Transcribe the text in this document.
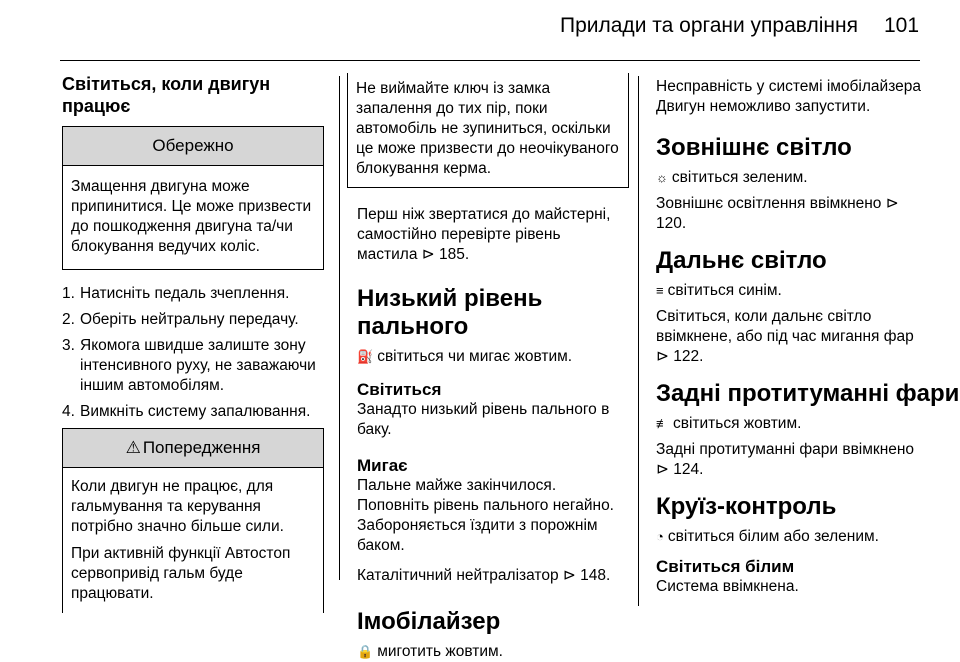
Прилади та органи управління 101
Світиться, коли двигун працює
Обережно

Змащення двигуна може припинитися. Це може призвести до пошкодження двигуна та/чи блокування ведучих коліс.

1. Натисніть педаль зчеплення.
2. Оберіть нейтральну передачу.
3. Якомога швидше залиште зону інтенсивного руху, не заважаючи іншим автомобілям.
4. Вимкніть систему запалювання.
⚠ Попередження

Коли двигун не працює, для гальмування та керування потрібно значно більше сили.

При активній функції Автостоп сервопривід гальм буде працювати.

Не виймайте ключ із замка запалення до тих пір, поки автомобіль не зупиниться, оскільки це може призвести до неочікуваного блокування керма.

Перш ніж звертатися до майстерні, самостійно перевірте рівень мастила ⊳ 185.

Низький рівень пального

⛽ світиться чи мигає жовтим.

Світиться

Занадто низький рівень пального в баку.

Мигає

Пальне майже закінчилося. Поповніть рівень пального негайно. Забороняється їздити з порожнім баком.

Каталітичний нейтралізатор ⊳ 148.

Імобілайзер

🔒 миготить жовтим.

Несправність у системі імобілайзера Двигун неможливо запустити.

Зовнішнє світло

☼ світиться зеленим.

Зовнішнє освітлення ввімкнено ⊳ 120.

Дальнє світло

≡ світиться синім.

Світиться, коли дальнє світло ввімкнене, або під час мигання фар ⊳ 122.

Задні протитуманні фари

≢ світиться жовтим.

Задні протитуманні фари ввімкнено ⊳ 124.

Круїз-контроль

◔ світиться білим або зеленим.

Світиться білим

Система ввімкнена.
